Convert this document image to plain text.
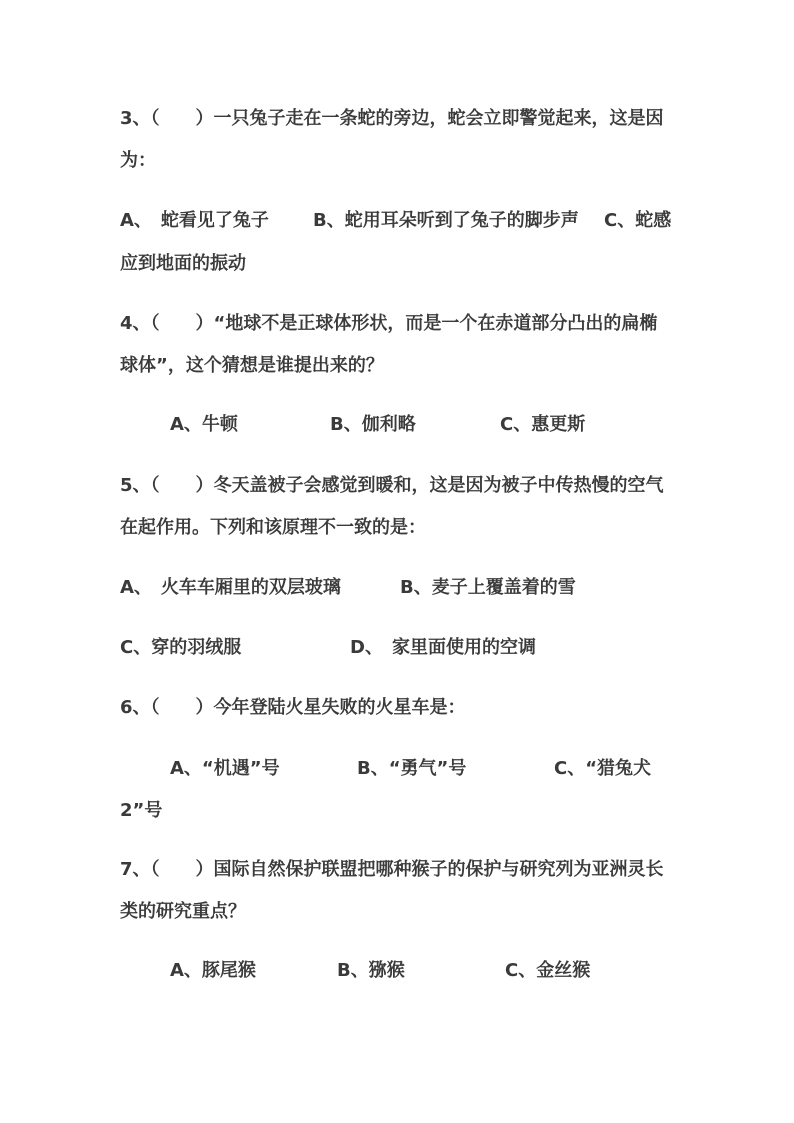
3、（　　）一只兔子走在一条蛇的旁边，蛇会立即警觉起来，这是因
为：
A、　蛇看见了兔子 B、蛇用耳朵听到了兔子的脚步声 C、蛇感
应到地面的振动
4、（　　）“地球不是正球体形状，而是一个在赤道部分凸出的扁椭
球体”，这个猜想是谁提出来的？
A、牛顿	B、伽利略	C、惠更斯
5、（　　）冬天盖被子会感觉到暖和，这是因为被子中传热慢的空气
在起作用。下列和该原理不一致的是：
A、　火车车厢里的双层玻璃	B、麦子上覆盖着的雪
C、穿的羽绒服	D、　家里面使用的空调
6、（　　）今年登陆火星失败的火星车是：
A、“机遇”号	B、“勇气”号	C、“猎兔犬
2”号
7、（　　）国际自然保护联盟把哪种猴子的保护与研究列为亚洲灵长
类的研究重点？
A、豚尾猴	B、猕猴	C、金丝猴
